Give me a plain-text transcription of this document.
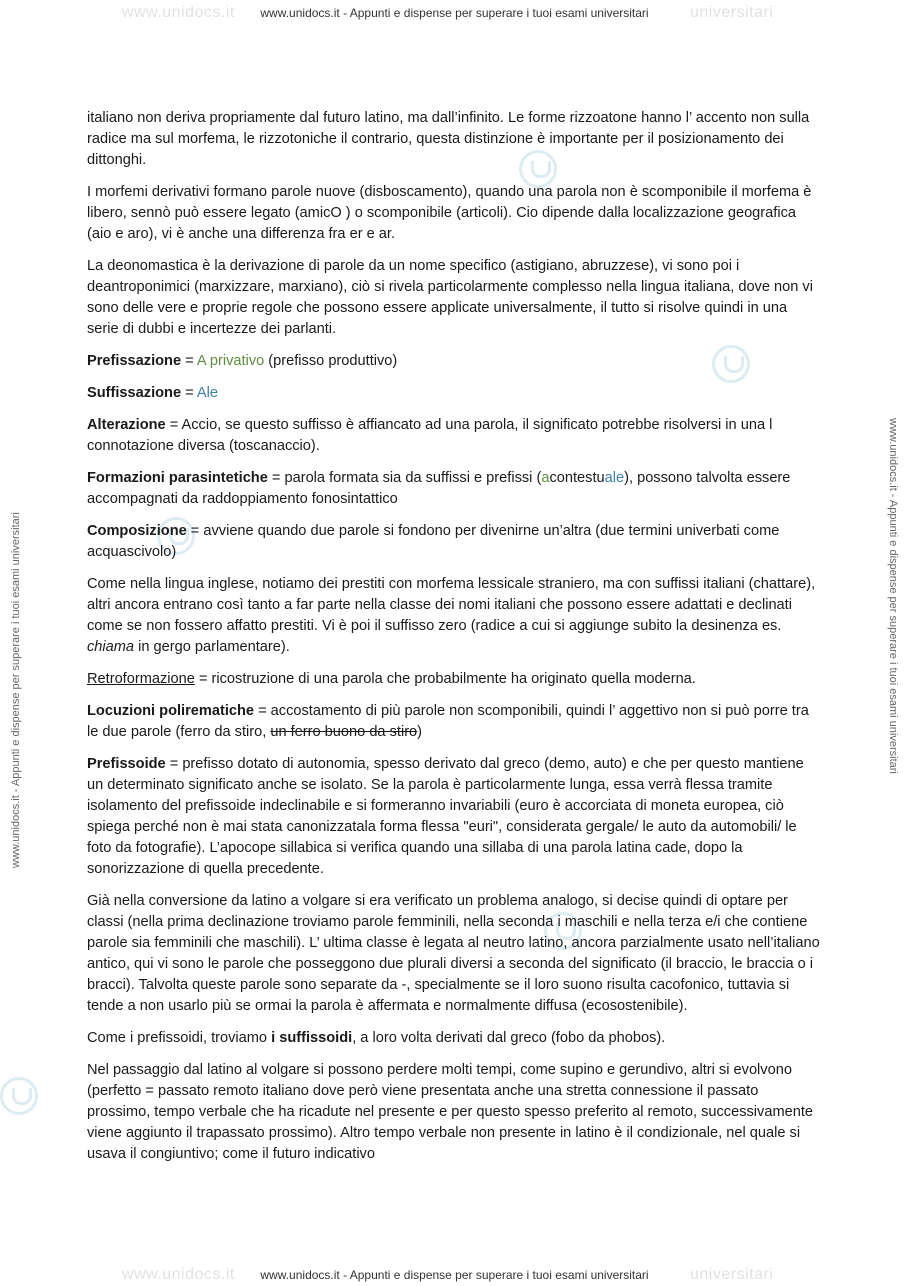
www.unidocs.it	universitari
www.unidocs.it	universitari
www.unidocs.it - Appunti e dispense per superare i tuoi esami universitari
www.unidocs.it - Appunti e dispense per superare i tuoi esami universitari
www.unidocs.it - Appunti e dispense per superare i tuoi esami universitari	www.unidocs.it - Appunti e dispense per superare i tuoi esami universitari

italiano non deriva propriamente dal futuro latino, ma dall’infinito. Le forme rizzoatone hanno l’ accento non sulla radice ma sul morfema, le rizzotoniche il contrario, questa distinzione è importante per il posizionamento dei dittonghi.

I morfemi derivativi formano parole nuove (disboscamento), quando una parola non è scomponibile il morfema è libero, sennò può essere legato (amicO ) o scomponibile (articoli). Cio dipende dalla localizzazione geografica (aio e aro), vi è anche una differenza fra er e ar.

La deonomastica è la derivazione di parole da un nome specifico (astigiano, abruzzese), vi sono poi i deantroponimici (marxizzare, marxiano), ciò si rivela particolarmente complesso nella lingua italiana, dove non vi sono delle vere e proprie regole che possono essere applicate universalmente, il tutto si risolve quindi in una serie di dubbi e incertezze dei parlanti.

Prefissazione = A privativo (prefisso produttivo)

Suffissazione = Ale

Alterazione = Accio, se questo suffisso è affiancato ad una parola, il significato potrebbe risolversi in una l connotazione diversa (toscanaccio).

Formazioni parasintetiche = parola formata sia da suffissi e prefissi (acontestuale), possono talvolta essere accompagnati da raddoppiamento fonosintattico

Composizione = avviene quando due parole si fondono per divenirne un’altra (due termini univerbati come acquascivolo)

Come nella lingua inglese, notiamo dei prestiti con morfema lessicale straniero, ma con suffissi italiani (chattare), altri ancora entrano così tanto a far parte nella classe dei nomi italiani che possono essere adattati e declinati come se non fossero affatto prestiti. Vi è poi il suffisso zero (radice a cui si aggiunge subito la desinenza es. chiama in gergo parlamentare).

Retroformazione = ricostruzione di una parola che probabilmente ha originato quella moderna.

Locuzioni polirematiche = accostamento di più parole non scomponibili, quindi l’ aggettivo non si può porre tra le due parole (ferro da stiro, un ferro buono da stiro)

Prefissoide = prefisso dotato di autonomia, spesso derivato dal greco (demo, auto) e che per questo mantiene un determinato significato anche se isolato. Se la parola è particolarmente lunga, essa verrà flessa tramite isolamento del prefissoide indeclinabile e si formeranno invariabili (euro è accorciata di moneta europea, ciò spiega perché non è mai stata canonizzatala forma flessa "euri", considerata gergale/ le auto da automobili/ le foto da fotografie). L’apocope sillabica si verifica quando una sillaba di una parola latina cade, dopo la sonorizzazione di quella precedente.

Già nella conversione da latino a volgare si era verificato un problema analogo, si decise quindi di optare per classi (nella prima declinazione troviamo parole femminili, nella seconda i maschili e nella terza e/i che contiene parole sia femminili che maschili). L’ ultima classe è legata al neutro latino, ancora parzialmente usato nell’italiano antico, qui vi sono le parole che posseggono due plurali diversi a seconda del significato (il braccio, le braccia o i bracci). Talvolta queste parole sono separate da -, specialmente se il loro suono risulta cacofonico, tuttavia si tende a non usarlo più se ormai la parola è affermata e normalmente diffusa (ecosostenibile).

Come i prefissoidi, troviamo i suffissoidi, a loro volta derivati dal greco (fobo da phobos).

Nel passaggio dal latino al volgare si possono perdere molti tempi, come supino e gerundivo, altri si evolvono (perfetto = passato remoto italiano dove però viene presentata anche una stretta connessione il passato prossimo, tempo verbale che ha ricadute nel presente e per questo spesso preferito al remoto, successivamente viene aggiunto il trapassato prossimo). Altro tempo verbale non presente in latino è il condizionale, nel quale si usava il congiuntivo; come il futuro indicativo
